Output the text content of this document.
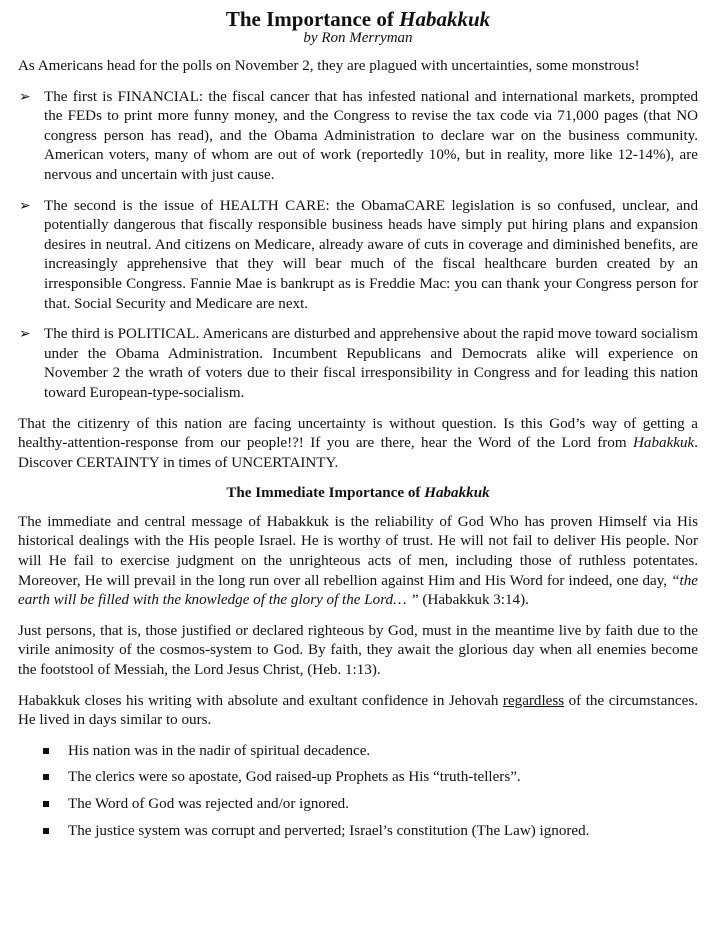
The Importance of Habakkuk
by Ron Merryman

As Americans head for the polls on November 2, they are plagued with uncertainties, some monstrous!

➢ The first is FINANCIAL: the fiscal cancer that has infested national and international markets, prompted the FEDs to print more funny money, and the Congress to revise the tax code via 71,000 pages (that NO congress person has read), and the Obama Administration to declare war on the business community. American voters, many of whom are out of work (reportedly 10%, but in reality, more like 12-14%), are nervous and uncertain with just cause.
➢ The second is the issue of HEALTH CARE: the ObamaCARE legislation is so confused, unclear, and potentially dangerous that fiscally responsible business heads have simply put hiring plans and expansion desires in neutral. And citizens on Medicare, already aware of cuts in coverage and diminished benefits, are increasingly apprehensive that they will bear much of the fiscal healthcare burden created by an irresponsible Congress. Fannie Mae is bankrupt as is Freddie Mac: you can thank your Congress person for that. Social Security and Medicare are next.
➢ The third is POLITICAL. Americans are disturbed and apprehensive about the rapid move toward socialism under the Obama Administration. Incumbent Republicans and Democrats alike will experience on November 2 the wrath of voters due to their fiscal irresponsibility in Congress and for leading this nation toward European-type-socialism.

That the citizenry of this nation are facing uncertainty is without question. Is this God’s way of getting a healthy-attention-response from our people!?! If you are there, hear the Word of the Lord from Habakkuk. Discover CERTAINTY in times of UNCERTAINTY.

The Immediate Importance of Habakkuk

The immediate and central message of Habakkuk is the reliability of God Who has proven Himself via His historical dealings with the His people Israel. He is worthy of trust. He will not fail to deliver His people. Nor will He fail to exercise judgment on the unrighteous acts of men, including those of ruthless potentates. Moreover, He will prevail in the long run over all rebellion against Him and His Word for indeed, one day, “the earth will be filled with the knowledge of the glory of the Lord… ” (Habakkuk 3:14).

Just persons, that is, those justified or declared righteous by God, must in the meantime live by faith due to the virile animosity of the cosmos-system to God. By faith, they await the glorious day when all enemies become the footstool of Messiah, the Lord Jesus Christ, (Heb. 1:13).

Habakkuk closes his writing with absolute and exultant confidence in Jehovah regardless of the circumstances. He lived in days similar to ours.

His nation was in the nadir of spiritual decadence.
The clerics were so apostate, God raised-up Prophets as His “truth-tellers”.
The Word of God was rejected and/or ignored.
The justice system was corrupt and perverted; Israel’s constitution (The Law) ignored.
